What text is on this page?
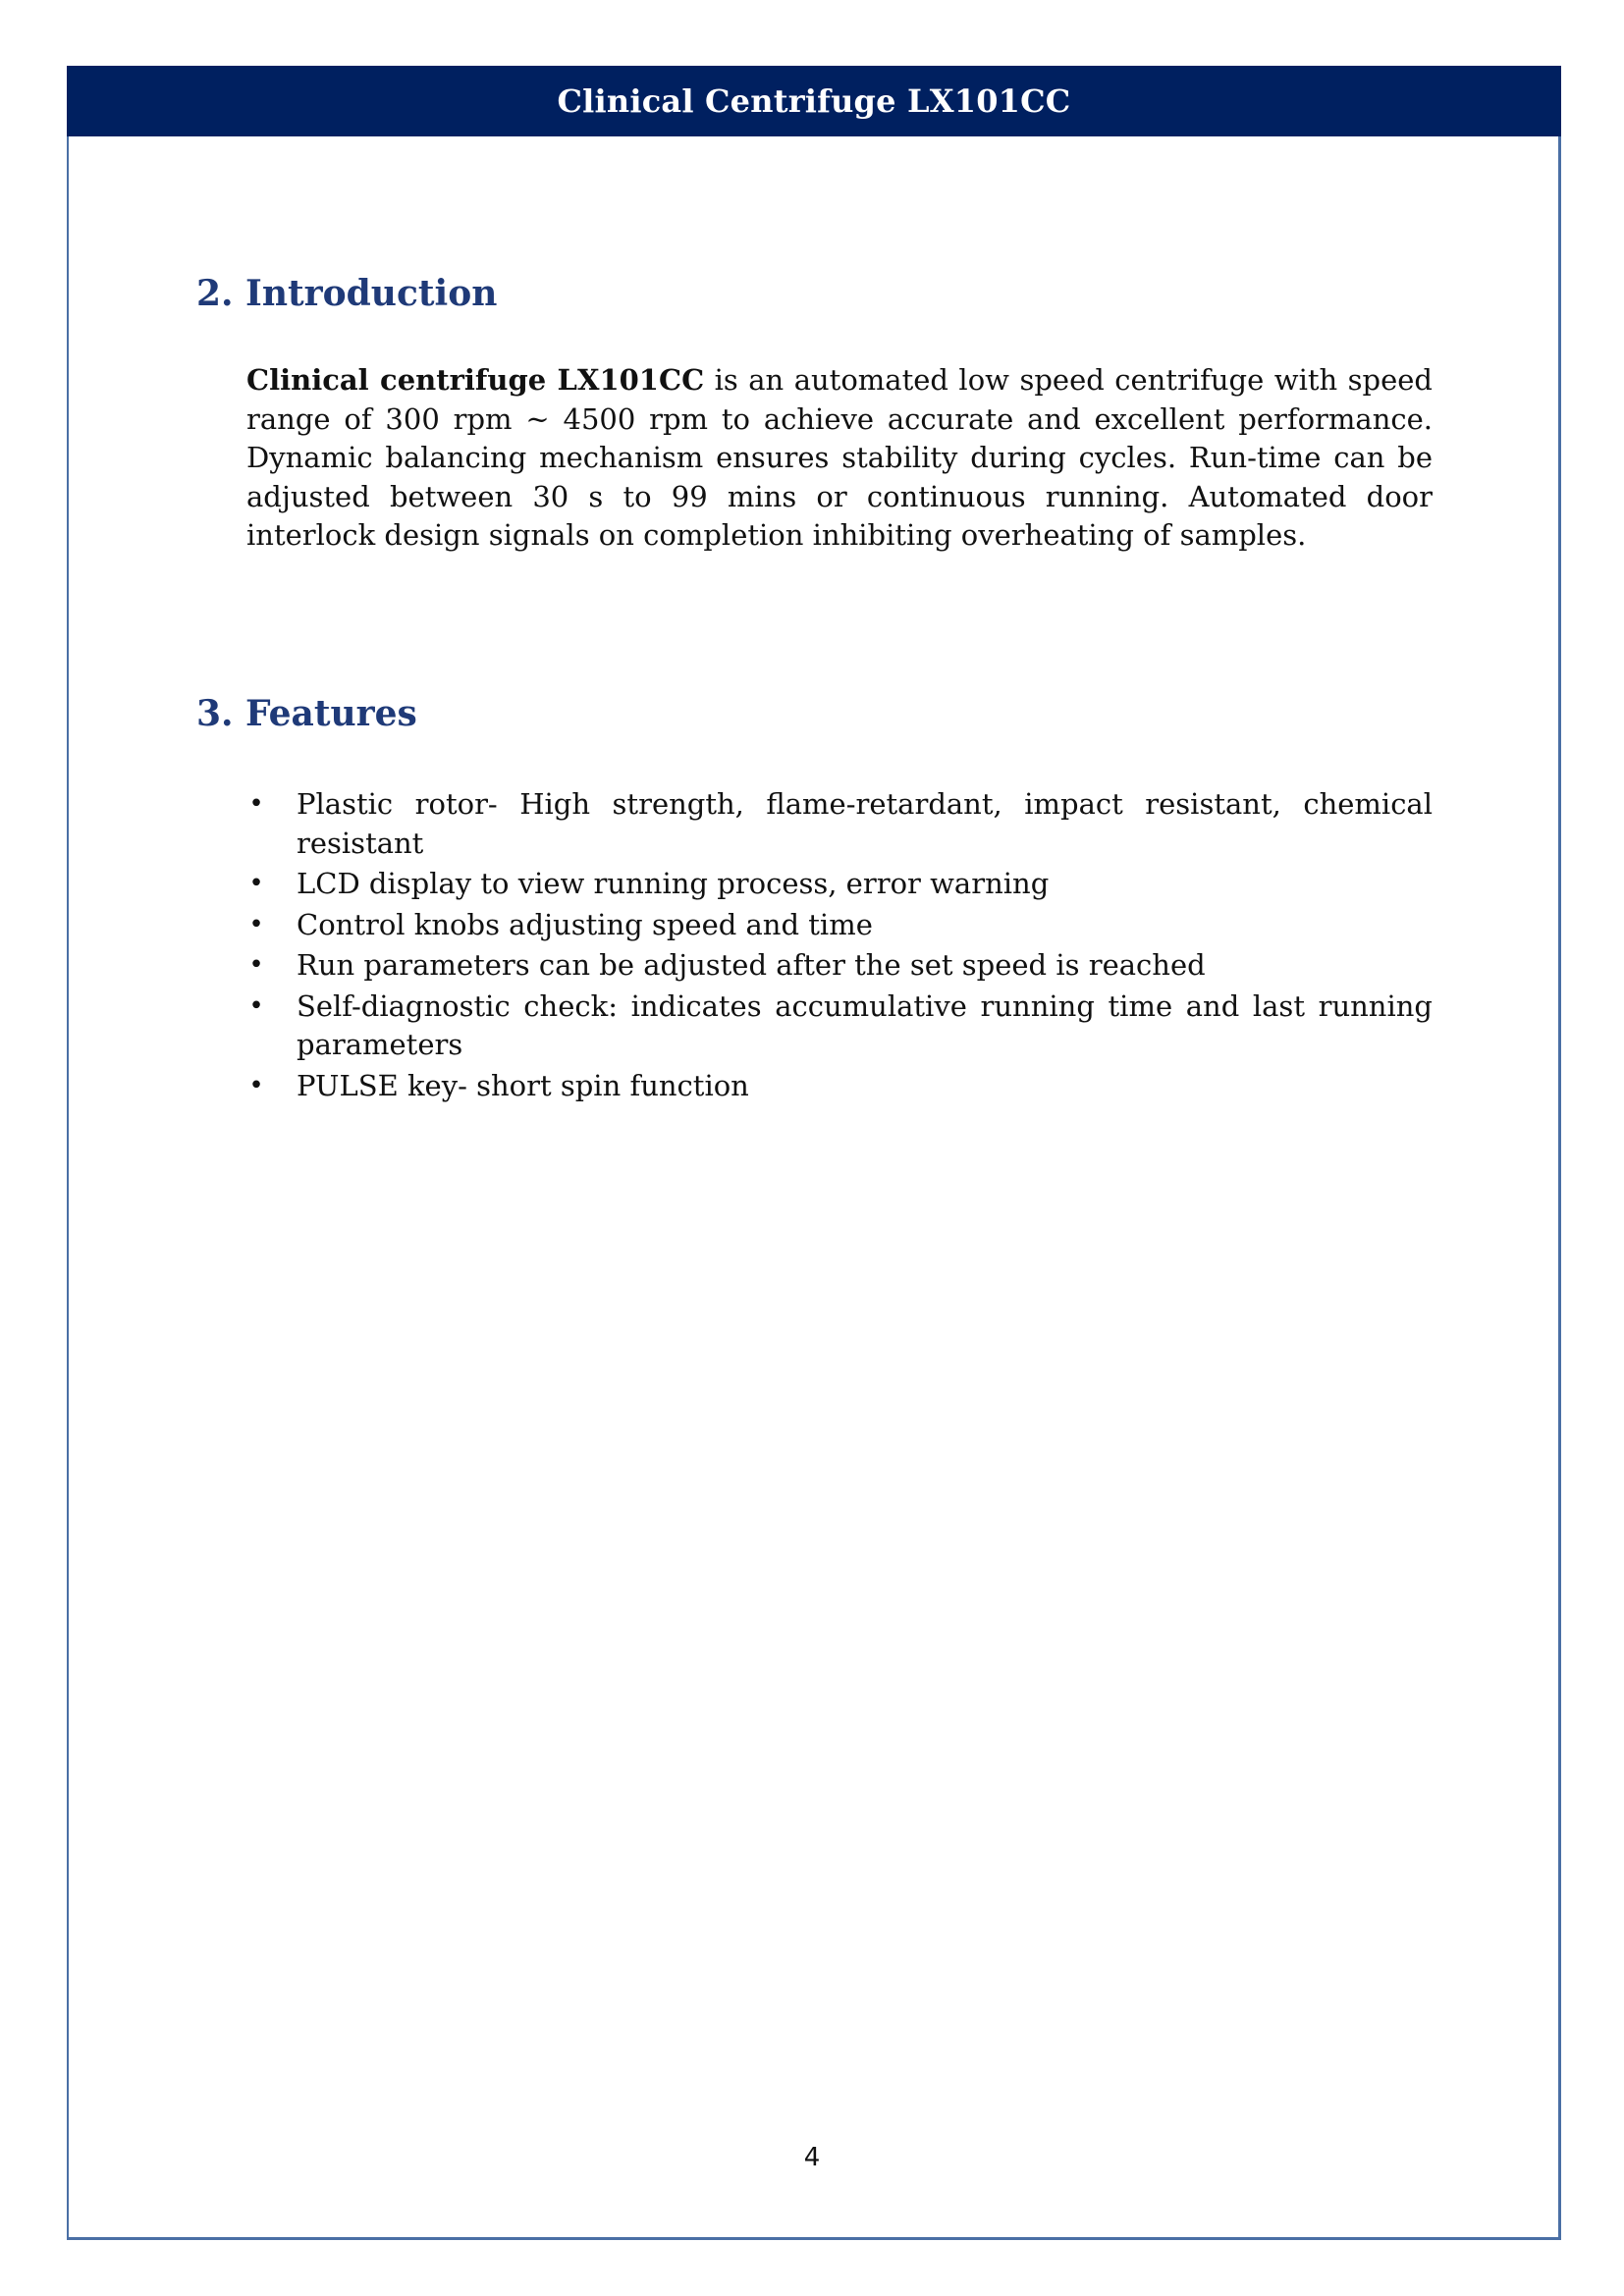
Clinical Centrifuge LX101CC
2. Introduction

Clinical centrifuge LX101CC is an automated low speed centrifuge with speed range of 300 rpm ~ 4500 rpm to achieve accurate and excellent performance. Dynamic balancing mechanism ensures stability during cycles. Run-time can be adjusted between 30 s to 99 mins or continuous running. Automated door interlock design signals on completion inhibiting overheating of samples.

3. Features
• Plastic rotor- High strength, flame-retardant, impact resistant, chemical resistant
• LCD display to view running process, error warning
• Control knobs adjusting speed and time
• Run parameters can be adjusted after the set speed is reached
• Self-diagnostic check: indicates accumulative running time and last running parameters
• PULSE key- short spin function
4
